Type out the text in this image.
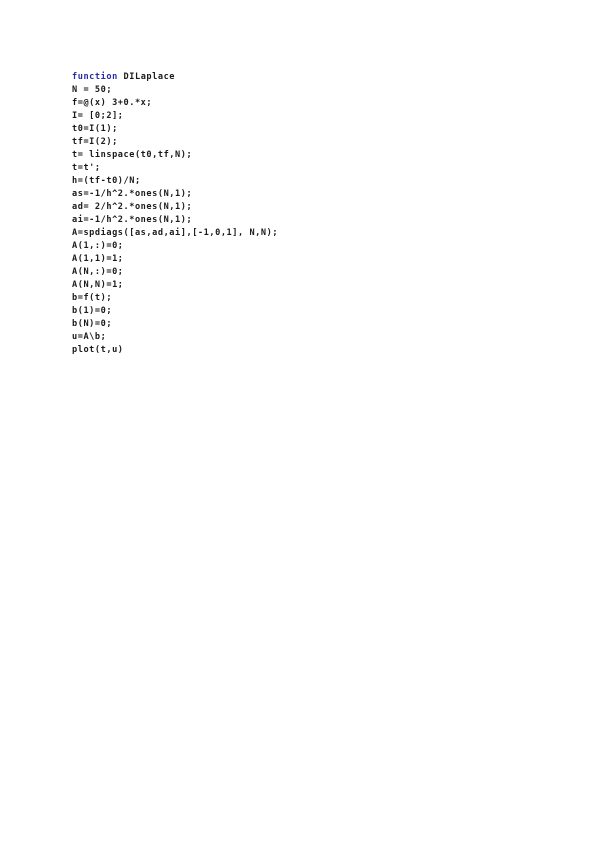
function DILaplace
N = 50;
f=@(x) 3+0.*x;
I= [0;2];
t0=I(1);
tf=I(2);
t= linspace(t0,tf,N);
t=t';
h=(tf-t0)/N;
as=-1/h^2.*ones(N,1);
ad= 2/h^2.*ones(N,1);
ai=-1/h^2.*ones(N,1);
A=spdiags([as,ad,ai],[-1,0,1], N,N);
A(1,:)=0;
A(1,1)=1;
A(N,:)=0;
A(N,N)=1;
b=f(t);
b(1)=0;
b(N)=0;
u=A\b;
plot(t,u)
